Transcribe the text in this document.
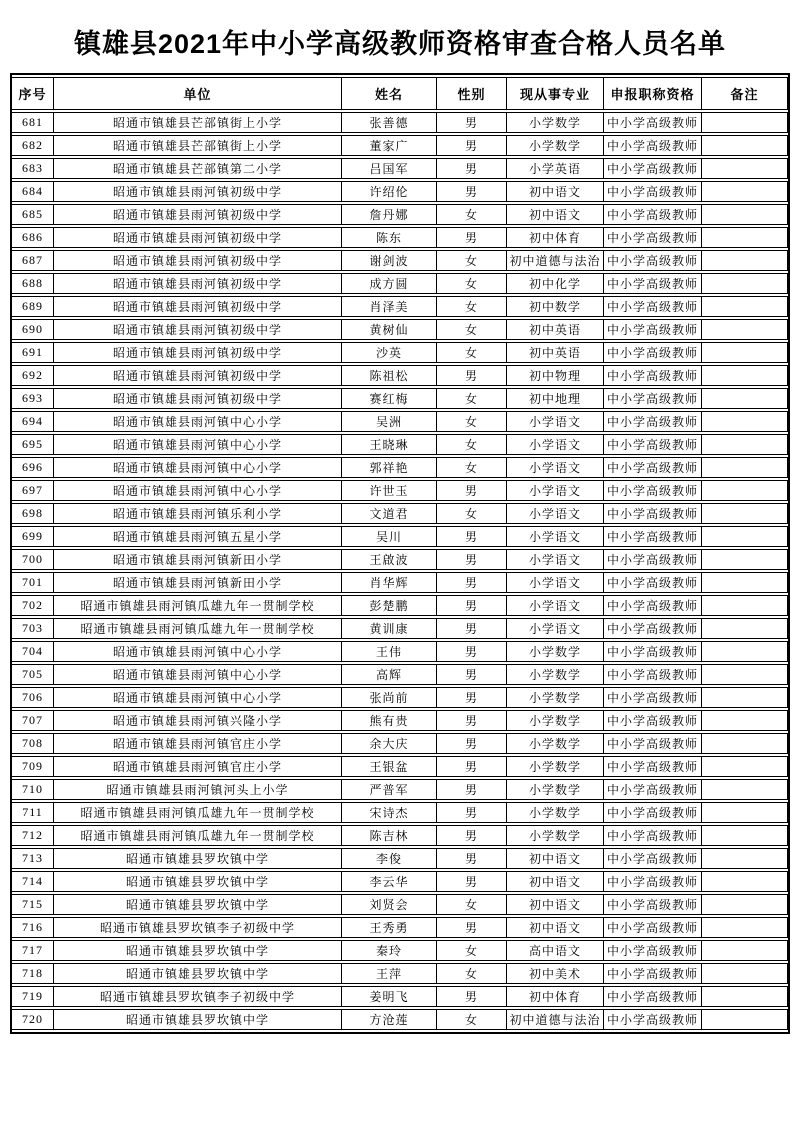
镇雄县2021年中小学高级教师资格审查合格人员名单
序号	单位	姓名	性别	现从事专业	申报职称资格	备注
681	昭通市镇雄县芒部镇街上小学	张善德	男	小学数学	中小学高级教师	
682	昭通市镇雄县芒部镇街上小学	董家广	男	小学数学	中小学高级教师	
683	昭通市镇雄县芒部镇第二小学	吕国军	男	小学英语	中小学高级教师	
684	昭通市镇雄县雨河镇初级中学	许绍伦	男	初中语文	中小学高级教师	
685	昭通市镇雄县雨河镇初级中学	詹丹娜	女	初中语文	中小学高级教师	
686	昭通市镇雄县雨河镇初级中学	陈东	男	初中体育	中小学高级教师	
687	昭通市镇雄县雨河镇初级中学	谢剑波	女	初中道德与法治	中小学高级教师	
688	昭通市镇雄县雨河镇初级中学	成方圆	女	初中化学	中小学高级教师	
689	昭通市镇雄县雨河镇初级中学	肖泽美	女	初中数学	中小学高级教师	
690	昭通市镇雄县雨河镇初级中学	黄树仙	女	初中英语	中小学高级教师	
691	昭通市镇雄县雨河镇初级中学	沙英	女	初中英语	中小学高级教师	
692	昭通市镇雄县雨河镇初级中学	陈祖松	男	初中物理	中小学高级教师	
693	昭通市镇雄县雨河镇初级中学	赛红梅	女	初中地理	中小学高级教师	
694	昭通市镇雄县雨河镇中心小学	吴洲	女	小学语文	中小学高级教师	
695	昭通市镇雄县雨河镇中心小学	王晓琳	女	小学语文	中小学高级教师	
696	昭通市镇雄县雨河镇中心小学	郭祥艳	女	小学语文	中小学高级教师	
697	昭通市镇雄县雨河镇中心小学	许世玉	男	小学语文	中小学高级教师	
698	昭通市镇雄县雨河镇乐利小学	文道君	女	小学语文	中小学高级教师	
699	昭通市镇雄县雨河镇五星小学	吴川	男	小学语文	中小学高级教师	
700	昭通市镇雄县雨河镇新田小学	王啟波	男	小学语文	中小学高级教师	
701	昭通市镇雄县雨河镇新田小学	肖华辉	男	小学语文	中小学高级教师	
702	昭通市镇雄县雨河镇瓜雄九年一贯制学校	彭楚鹏	男	小学语文	中小学高级教师	
703	昭通市镇雄县雨河镇瓜雄九年一贯制学校	黄训康	男	小学语文	中小学高级教师	
704	昭通市镇雄县雨河镇中心小学	王伟	男	小学数学	中小学高级教师	
705	昭通市镇雄县雨河镇中心小学	高辉	男	小学数学	中小学高级教师	
706	昭通市镇雄县雨河镇中心小学	张尚前	男	小学数学	中小学高级教师	
707	昭通市镇雄县雨河镇兴隆小学	熊有贵	男	小学数学	中小学高级教师	
708	昭通市镇雄县雨河镇官庄小学	余大庆	男	小学数学	中小学高级教师	
709	昭通市镇雄县雨河镇官庄小学	王银盆	男	小学数学	中小学高级教师	
710	昭通市镇雄县雨河镇河头上小学	严普军	男	小学数学	中小学高级教师	
711	昭通市镇雄县雨河镇瓜雄九年一贯制学校	宋诗杰	男	小学数学	中小学高级教师	
712	昭通市镇雄县雨河镇瓜雄九年一贯制学校	陈吉林	男	小学数学	中小学高级教师	
713	昭通市镇雄县罗坎镇中学	李俊	男	初中语文	中小学高级教师	
714	昭通市镇雄县罗坎镇中学	李云华	男	初中语文	中小学高级教师	
715	昭通市镇雄县罗坎镇中学	刘贤会	女	初中语文	中小学高级教师	
716	昭通市镇雄县罗坎镇李子初级中学	王秀勇	男	初中语文	中小学高级教师	
717	昭通市镇雄县罗坎镇中学	秦玲	女	高中语文	中小学高级教师	
718	昭通市镇雄县罗坎镇中学	王萍	女	初中美术	中小学高级教师	
719	昭通市镇雄县罗坎镇李子初级中学	姜明飞	男	初中体育	中小学高级教师	
720	昭通市镇雄县罗坎镇中学	方沧莲	女	初中道德与法治	中小学高级教师	
